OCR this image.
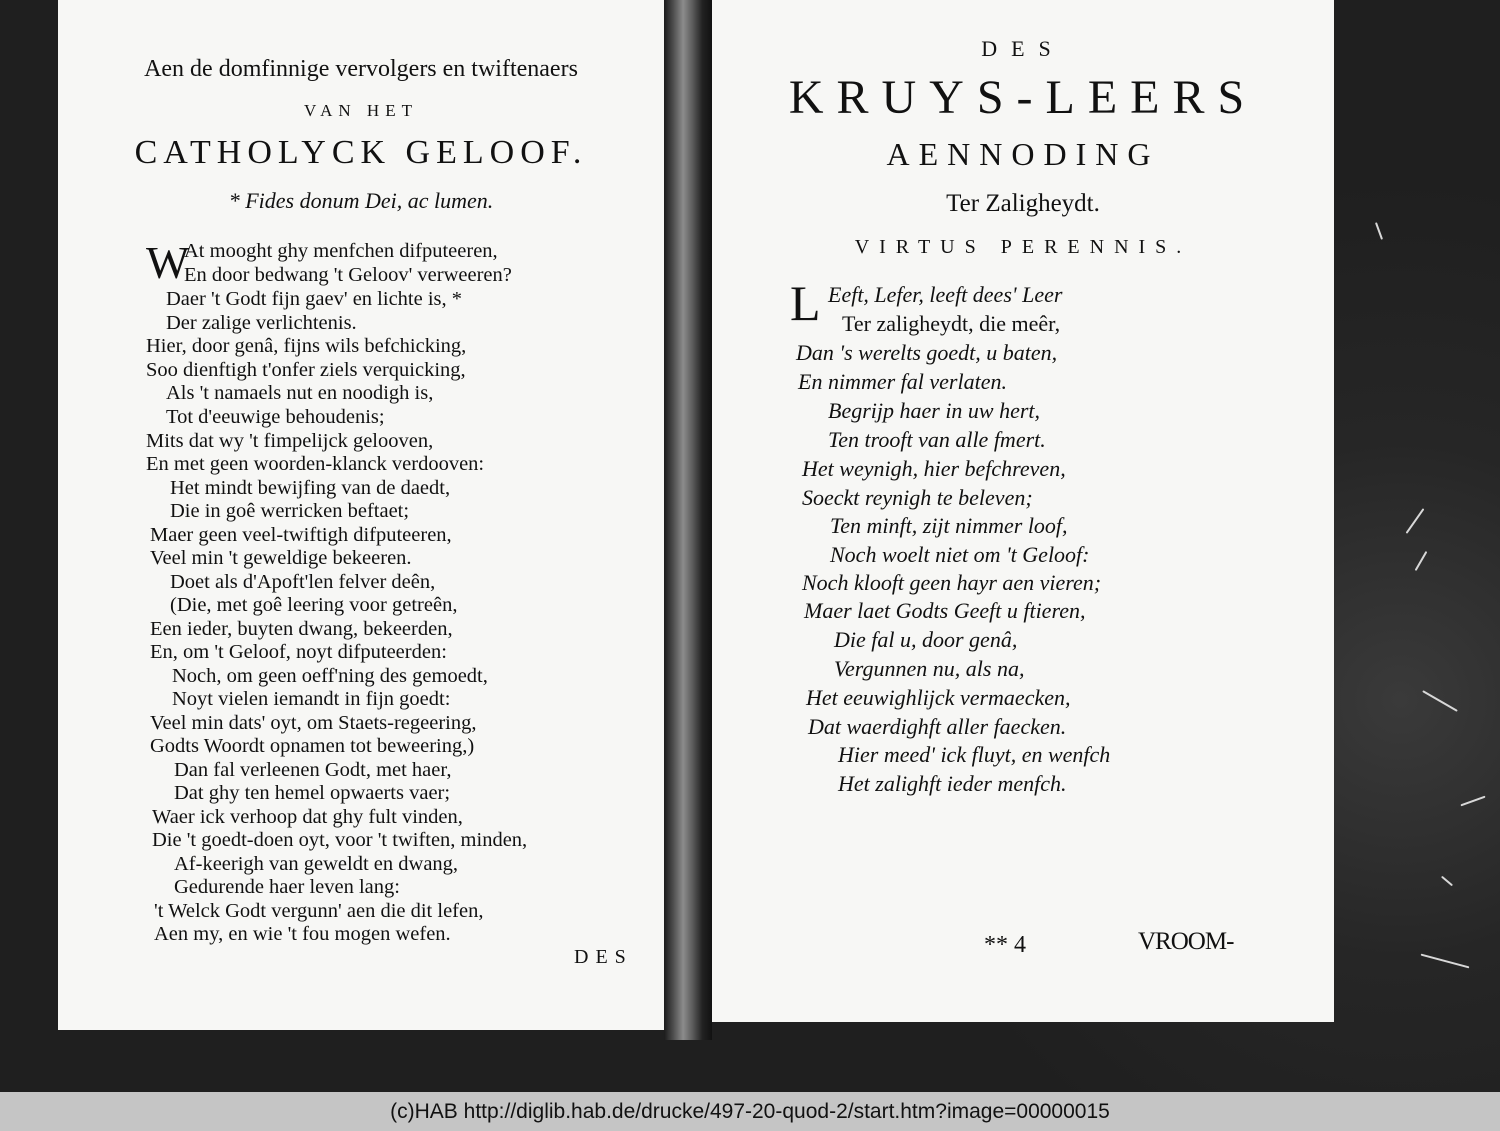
Aen de domfinnige vervolgers en twiftenaers
VAN HET
CATHOLYCK GELOOF.
* Fides donum Dei, ac lumen.
W
At mooght ghy menfchen difputeeren,
En door bedwang 't Geloov' verweeren?
Daer 't Godt fijn gaev' en lichte is, *
Der zalige verlichtenis.
Hier, door genâ, fijns wils befchicking,
Soo dienftigh t'onfer ziels verquicking,
Als 't namaels nut en noodigh is,
Tot d'eeuwige behoudenis;
Mits dat wy 't fimpelijck gelooven,
En met geen woorden-klanck verdooven:
Het mindt bewijfing van de daedt,
Die in goê werricken beftaet;
Maer geen veel-twiftigh difputeeren,
Veel min 't geweldige bekeeren.
Doet als d'Apoft'len felver deên,
(Die, met goê leering voor getreên,
Een ieder, buyten dwang, bekeerden,
En, om 't Geloof, noyt difputeerden:
Noch, om geen oeff'ning des gemoedt,
Noyt vielen iemandt in fijn goedt:
Veel min dats' oyt, om Staets-regeering,
Godts Woordt opnamen tot beweering,)
Dan fal verleenen Godt, met haer,
Dat ghy ten hemel opwaerts vaer;
Waer ick verhoop dat ghy fult vinden,
Die 't goedt-doen oyt, voor 't twiften, minden,
Af-keerigh van geweldt en dwang,
Gedurende haer leven lang:
't Welck Godt vergunn' aen die dit lefen,
Aen my, en wie 't fou mogen wefen.
DES
DES
KRUYS-LEERS
AENNODING
Ter Zaligheydt.
VIRTUS PERENNIS.
L Eeft, Lefer, leeft dees' Leer
Ter zaligheydt, die meêr,
Dan 's werelts goedt, u baten,
En nimmer fal verlaten.
Begrijp haer in uw hert,
Ten trooft van alle fmert.
Het weynigh, hier befchreven,
Soeckt reynigh te beleven;
Ten minft, zijt nimmer loof,
Noch woelt niet om 't Geloof:
Noch klooft geen hayr aen vieren;
Maer laet Godts Geeft u ftieren,
Die fal u, door genâ,
Vergunnen nu, als na,
Het eeuwighlijck vermaecken,
Dat waerdighft aller faecken.
Hier meed' ick fluyt, en wenfch
Het zalighft ieder menfch.
** 4	VROOM-
(c)HAB http://diglib.hab.de/drucke/497-20-quod-2/start.htm?image=00000015
